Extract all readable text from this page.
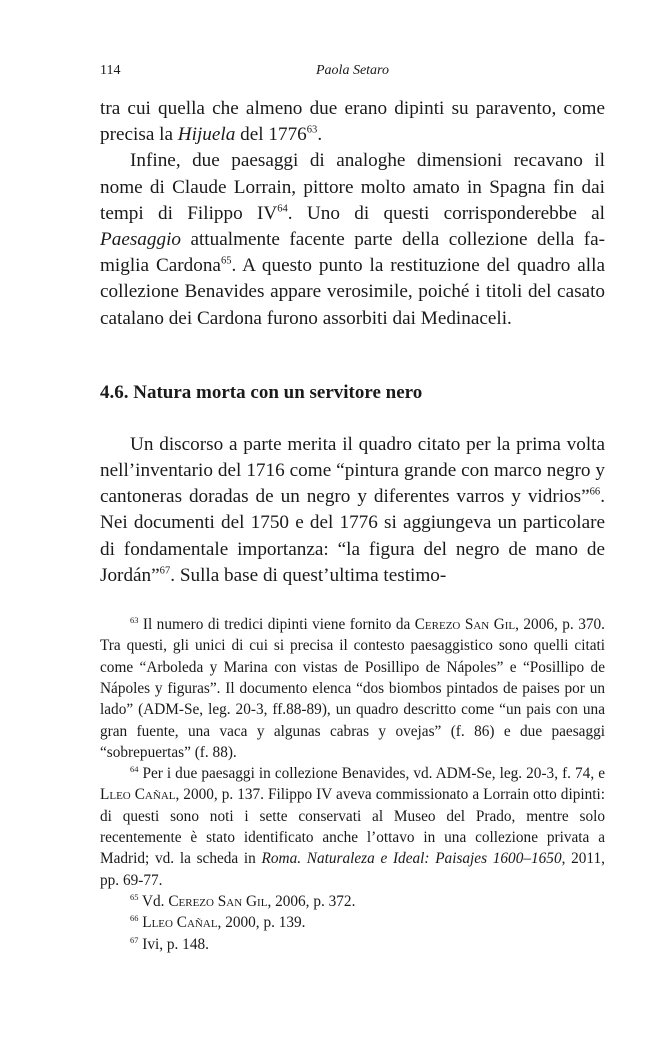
114	Paola Setaro

tra cui quella che almeno due erano dipinti su paravento, come precisa la Hijuela del 1776$^{63}$.

Infine, due paesaggi di analoghe dimensioni recavano il nome di Claude Lorrain, pittore molto amato in Spagna fin dai tempi di Filippo IV$^{64}$. Uno di questi corrisponderebbe al Paesaggio attualmente facente parte della collezione della famiglia Cardona$^{65}$. A questo punto la restituzione del quadro alla collezione Benavides appare verosimile, poiché i titoli del casato catalano dei Cardona furono assorbiti dai Medinaceli.

4.6. Natura morta con un servitore nero

Un discorso a parte merita il quadro citato per la prima volta nell’inventario del 1716 come “pintura grande con marco negro y cantoneras doradas de un negro y diferentes varros y vidrios”$^{66}$. Nei documenti del 1750 e del 1776 si aggiungeva un particolare di fondamentale importanza: “la figura del negro de mano de Jordán”$^{67}$. Sulla base di quest’ultima testimo-

$^{63}$ Il numero di tredici dipinti viene fornito da Cerezo San Gil, 2006, p. 370. Tra questi, gli unici di cui si precisa il contesto paesaggistico sono quelli citati come “Arboleda y Marina con vistas de Posillipo de Nápoles” e “Posillipo de Nápoles y figuras”. Il documento elenca “dos biombos pintados de paises por un lado” (ADM-Se, leg. 20-3, ff.88-89), un quadro descritto come “un pais con una gran fuente, una vaca y algunas cabras y ovejas” (f. 86) e due paesaggi “sobrepuertas” (f. 88).

$^{64}$ Per i due paesaggi in collezione Benavides, vd. ADM-Se, leg. 20-3, f. 74, e Lleo Cañal, 2000, p. 137. Filippo IV aveva commissionato a Lorrain otto dipinti: di questi sono noti i sette conservati al Museo del Prado, mentre solo recentemente è stato identificato anche l’ottavo in una collezione privata a Madrid; vd. la scheda in Roma. Naturaleza e Ideal: Paisajes 1600–1650, 2011, pp. 69-77.

$^{65}$ Vd. Cerezo San Gil, 2006, p. 372.

$^{66}$ Lleo Cañal, 2000, p. 139.

$^{67}$ Ivi, p. 148.
